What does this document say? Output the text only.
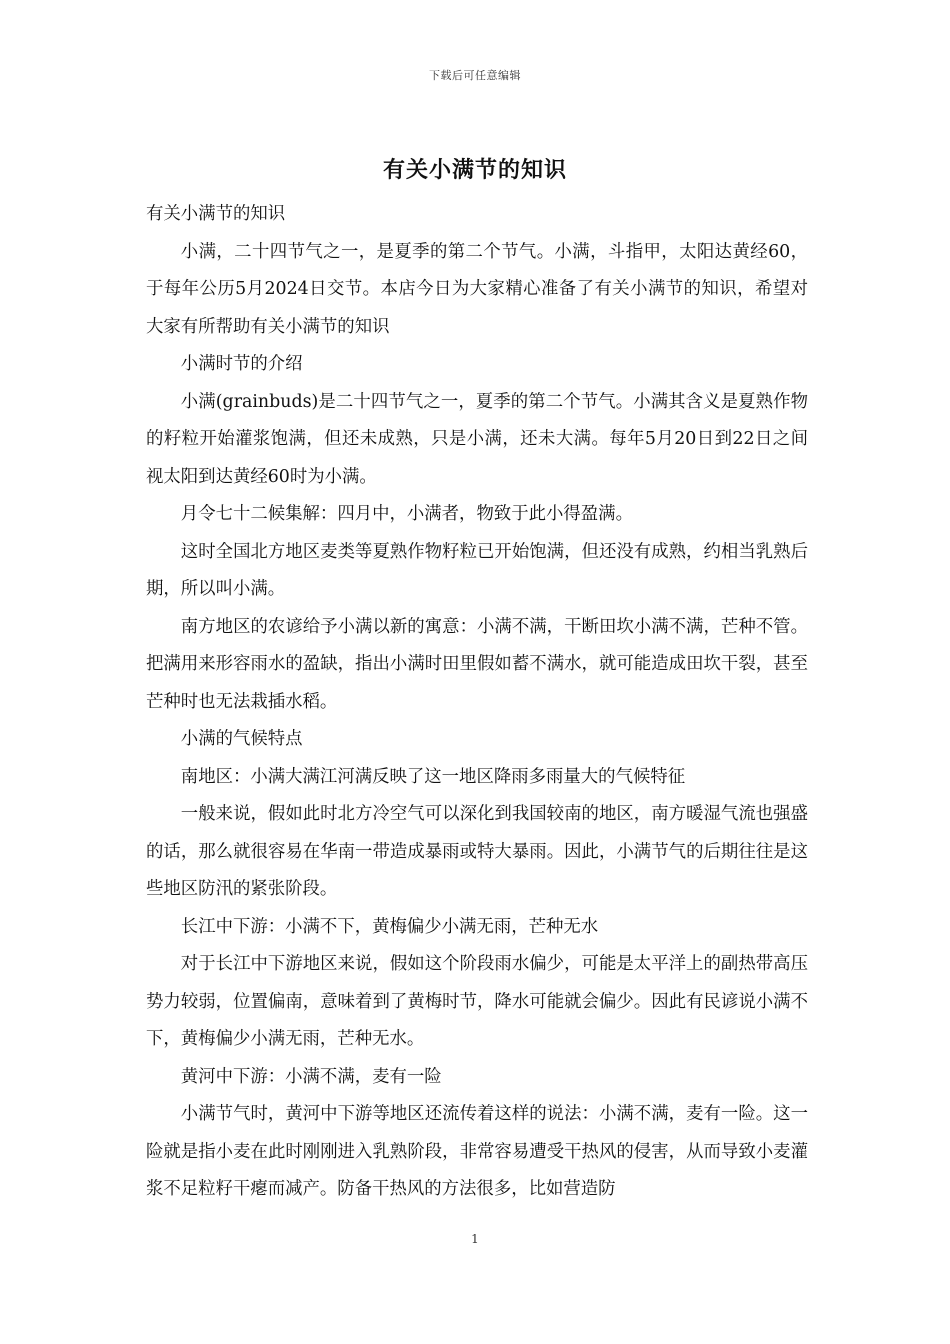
下载后可任意编辑
有关小满节的知识

有关小满节的知识

小满，二十四节气之一，是夏季的第二个节气。小满，斗指甲，太阳达黄经60，于每年公历5月2024日交节。本店今日为大家精心准备了有关小满节的知识，希望对大家有所帮助有关小满节的知识

小满时节的介绍

小满(grainbuds)是二十四节气之一，夏季的第二个节气。小满其含义是夏熟作物的籽粒开始灌浆饱满，但还未成熟，只是小满，还未大满。每年5月20日到22日之间视太阳到达黄经60时为小满。

月令七十二候集解：四月中，小满者，物致于此小得盈满。

这时全国北方地区麦类等夏熟作物籽粒已开始饱满，但还没有成熟，约相当乳熟后期，所以叫小满。

南方地区的农谚给予小满以新的寓意：小满不满，干断田坎小满不满，芒种不管。把满用来形容雨水的盈缺，指出小满时田里假如蓄不满水，就可能造成田坎干裂，甚至芒种时也无法栽插水稻。

小满的气候特点

南地区：小满大满江河满反映了这一地区降雨多雨量大的气候特征

一般来说，假如此时北方冷空气可以深化到我国较南的地区，南方暖湿气流也强盛的话，那么就很容易在华南一带造成暴雨或特大暴雨。因此，小满节气的后期往往是这些地区防汛的紧张阶段。

长江中下游：小满不下，黄梅偏少小满无雨，芒种无水

对于长江中下游地区来说，假如这个阶段雨水偏少，可能是太平洋上的副热带高压势力较弱，位置偏南，意味着到了黄梅时节，降水可能就会偏少。因此有民谚说小满不下，黄梅偏少小满无雨，芒种无水。

黄河中下游：小满不满，麦有一险

小满节气时，黄河中下游等地区还流传着这样的说法：小满不满，麦有一险。这一险就是指小麦在此时刚刚进入乳熟阶段，非常容易遭受干热风的侵害，从而导致小麦灌浆不足粒籽干瘪而减产。防备干热风的方法很多，比如营造防

1
